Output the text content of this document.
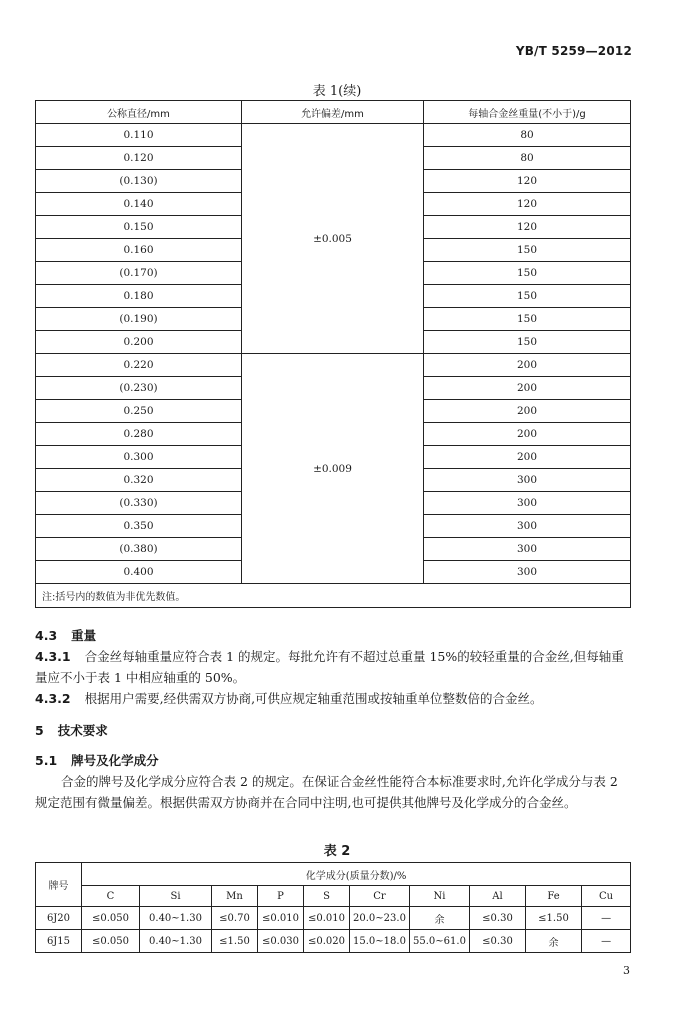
YB/T 5259—2012
表 1(续)
公称直径/mm	允许偏差/mm	每轴合金丝重量(不小于)/g
0.110	±0.005	80
0.120		80
(0.130)		120
0.140		120
0.150		120
0.160		150
(0.170)		150
0.180		150
(0.190)		150
0.200		150
0.220	±0.009	200
(0.230)		200
0.250		200
0.280		200
0.300		200
0.320		300
(0.330)		300
0.350		300
(0.380)		300
0.400		300
注:括号内的数值为非优先数值。		
4.3 重量
4.3.1 合金丝每轴重量应符合表 1 的规定。每批允许有不超过总重量 15%的较轻重量的合金丝,但每轴重量应不小于表 1 中相应轴重的 50%。
4.3.2 根据用户需要,经供需双方协商,可供应规定轴重范围或按轴重单位整数倍的合金丝。
5 技术要求
5.1 牌号及化学成分
合金的牌号及化学成分应符合表 2 的规定。在保证合金丝性能符合本标准要求时,允许化学成分与表 2 规定范围有微量偏差。根据供需双方协商并在合同中注明,也可提供其他牌号及化学成分的合金丝。
表 2
牌号	化学成分(质量分数)/%									
	C	Si	Mn	P	S	Cr	Ni	Al	Fe	Cu
6J20	≤0.050	0.40~1.30	≤0.70	≤0.010	≤0.010	20.0~23.0	余	≤0.30	≤1.50	—
6J15	≤0.050	0.40~1.30	≤1.50	≤0.030	≤0.020	15.0~18.0	55.0~61.0	≤0.30	余	—
3
